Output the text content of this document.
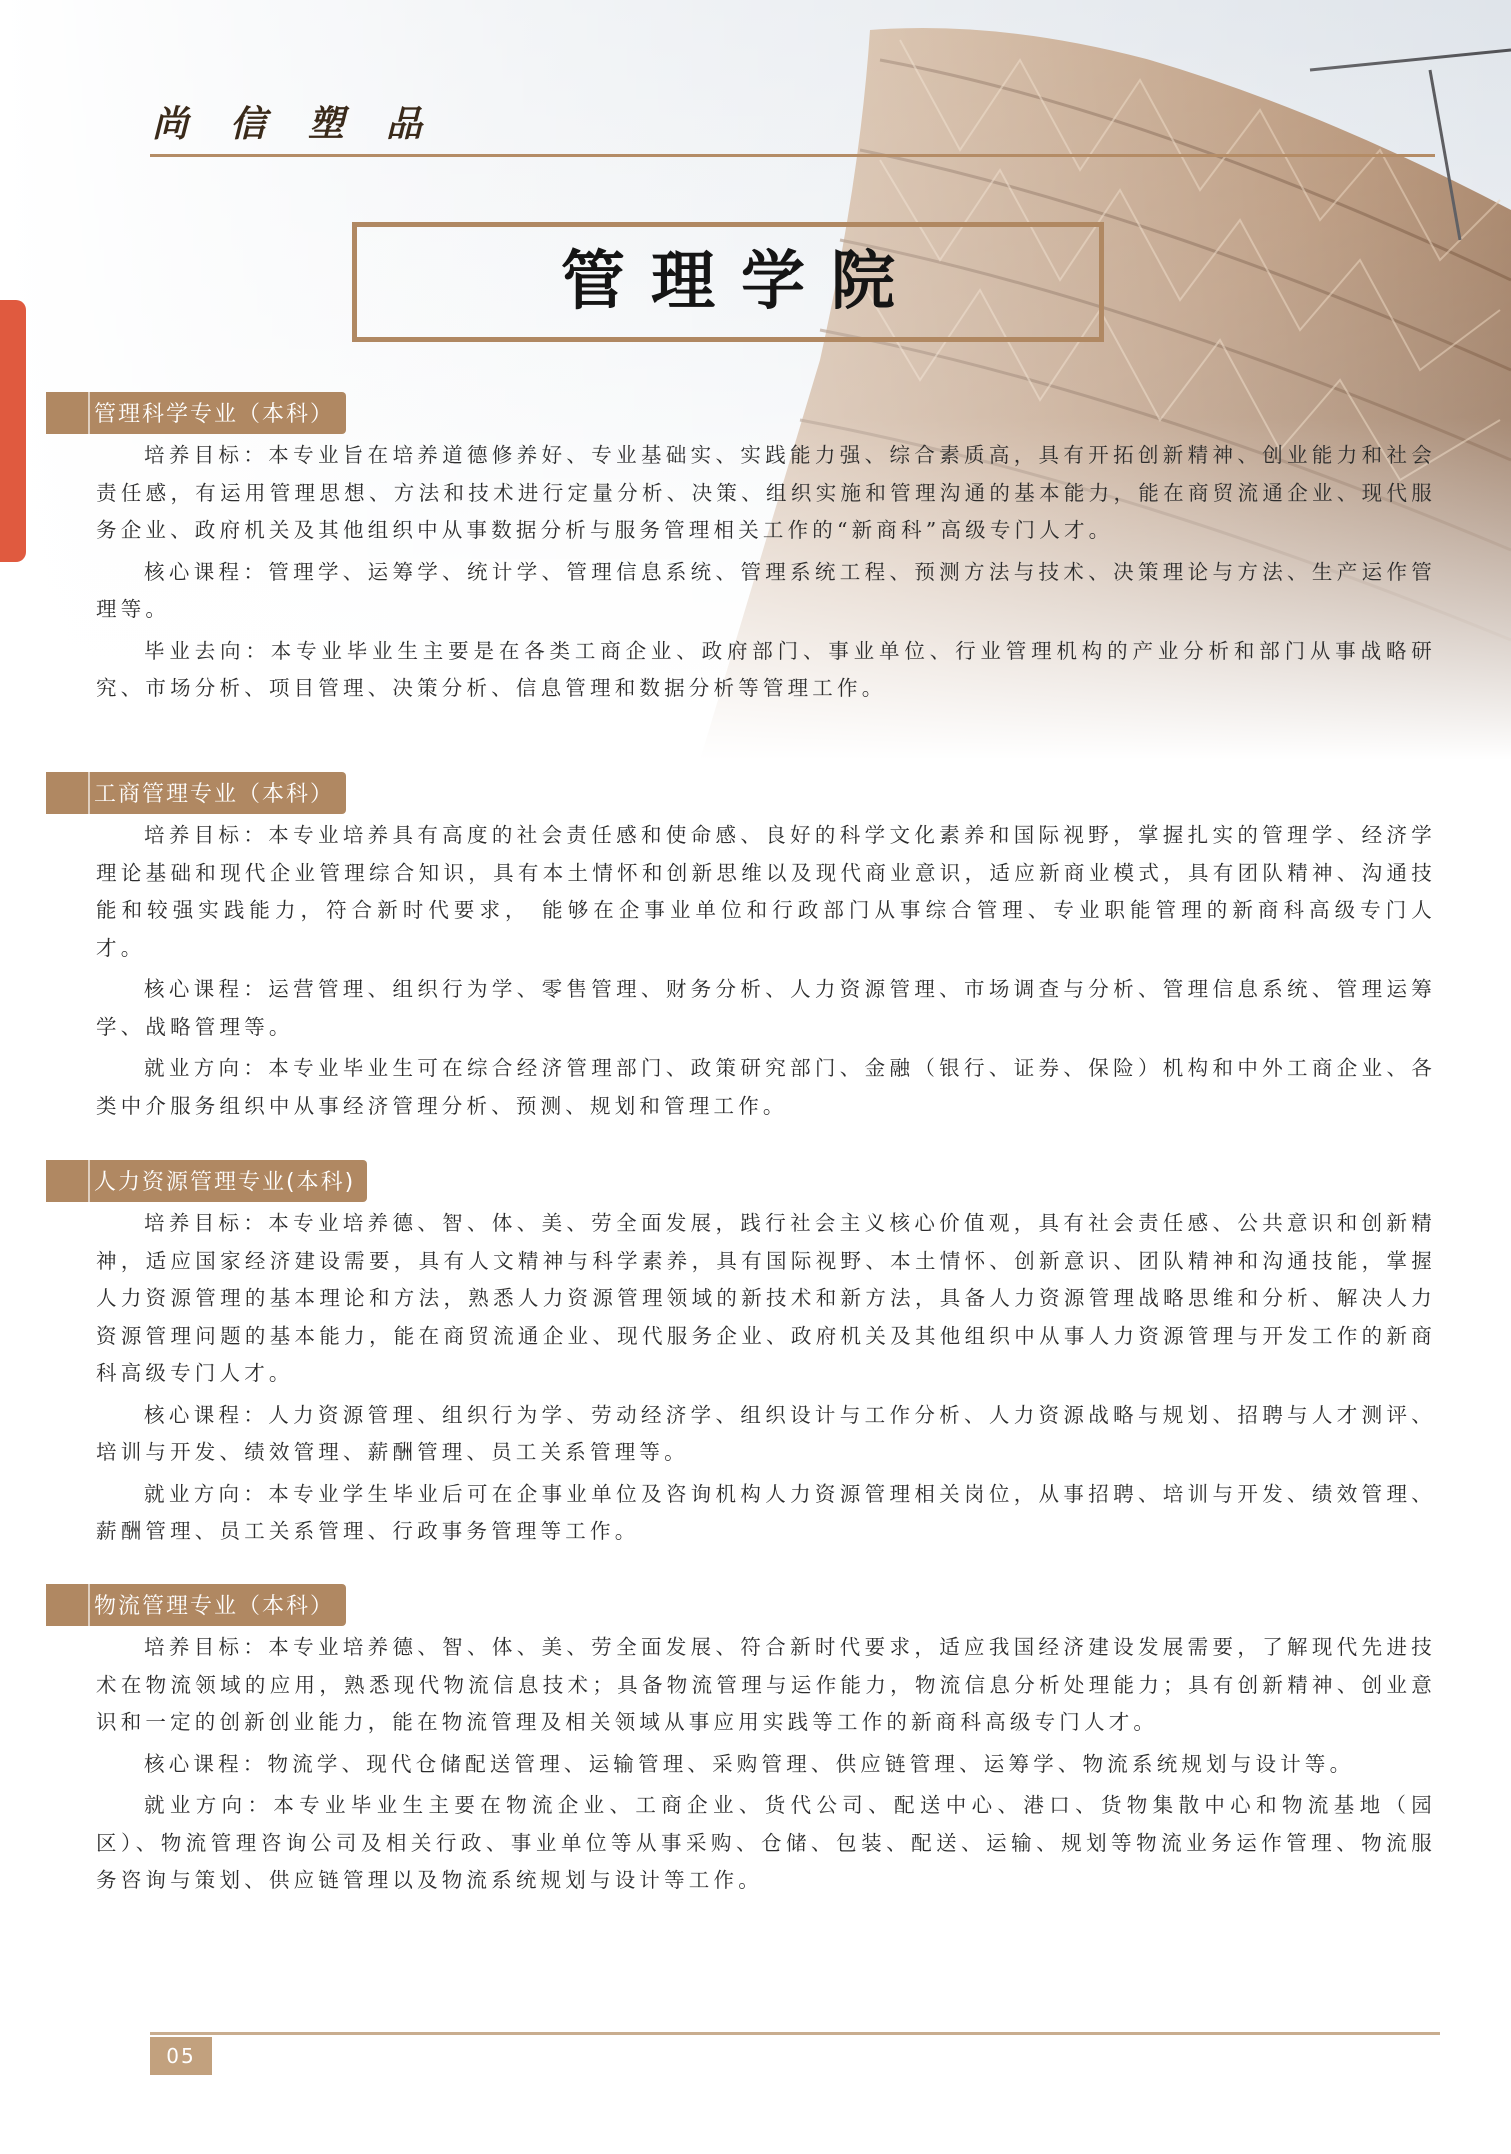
尚信塑品
管理学院
管理科学专业（本科）

培养目标：本专业旨在培养道德修养好、专业基础实、实践能力强、综合素质高，具有开拓创新精神、创业能力和社会责任感，有运用管理思想、方法和技术进行定量分析、决策、组织实施和管理沟通的基本能力，能在商贸流通企业、现代服务企业、政府机关及其他组织中从事数据分析与服务管理相关工作的“新商科”高级专门人才。

核心课程：管理学、运筹学、统计学、管理信息系统、管理系统工程、预测方法与技术、决策理论与方法、生产运作管理等。

毕业去向：本专业毕业生主要是在各类工商企业、政府部门、事业单位、行业管理机构的产业分析和部门从事战略研究、市场分析、项目管理、决策分析、信息管理和数据分析等管理工作。

工商管理专业（本科）

培养目标：本专业培养具有高度的社会责任感和使命感、良好的科学文化素养和国际视野，掌握扎实的管理学、经济学理论基础和现代企业管理综合知识，具有本土情怀和创新思维以及现代商业意识，适应新商业模式，具有团队精神、沟通技能和较强实践能力，符合新时代要求， 能够在企事业单位和行政部门从事综合管理、专业职能管理的新商科高级专门人才。

核心课程：运营管理、组织行为学、零售管理、财务分析、人力资源管理、市场调查与分析、管理信息系统、管理运筹学、战略管理等。

就业方向：本专业毕业生可在综合经济管理部门、政策研究部门、金融（银行、证券、保险）机构和中外工商企业、各类中介服务组织中从事经济管理分析、预测、规划和管理工作。

人力资源管理专业(本科)

培养目标：本专业培养德、智、体、美、劳全面发展，践行社会主义核心价值观，具有社会责任感、公共意识和创新精神，适应国家经济建设需要，具有人文精神与科学素养，具有国际视野、本土情怀、创新意识、团队精神和沟通技能，掌握人力资源管理的基本理论和方法，熟悉人力资源管理领域的新技术和新方法，具备人力资源管理战略思维和分析、解决人力资源管理问题的基本能力，能在商贸流通企业、现代服务企业、政府机关及其他组织中从事人力资源管理与开发工作的新商科高级专门人才。

核心课程：人力资源管理、组织行为学、劳动经济学、组织设计与工作分析、人力资源战略与规划、招聘与人才测评、培训与开发、绩效管理、薪酬管理、员工关系管理等。

就业方向：本专业学生毕业后可在企事业单位及咨询机构人力资源管理相关岗位，从事招聘、培训与开发、绩效管理、薪酬管理、员工关系管理、行政事务管理等工作。

物流管理专业（本科）

培养目标：本专业培养德、智、体、美、劳全面发展、符合新时代要求，适应我国经济建设发展需要，了解现代先进技术在物流领域的应用，熟悉现代物流信息技术；具备物流管理与运作能力，物流信息分析处理能力；具有创新精神、创业意识和一定的创新创业能力，能在物流管理及相关领域从事应用实践等工作的新商科高级专门人才。

核心课程：物流学、现代仓储配送管理、运输管理、采购管理、供应链管理、运筹学、物流系统规划与设计等。

就业方向：本专业毕业生主要在物流企业、工商企业、货代公司、配送中心、港口、货物集散中心和物流基地（园区）、物流管理咨询公司及相关行政、事业单位等从事采购、仓储、包装、配送、运输、规划等物流业务运作管理、物流服务咨询与策划、供应链管理以及物流系统规划与设计等工作。

05
